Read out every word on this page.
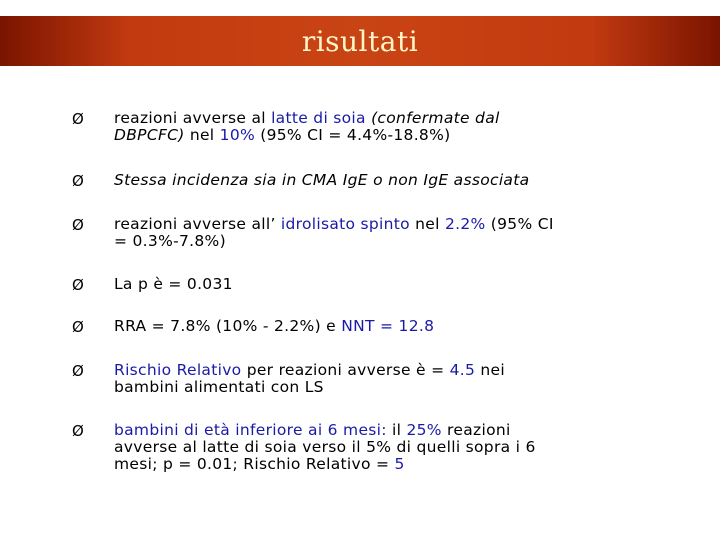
risultati
Ø	reazioni avverse al latte di soia (confermate dal
DBPCFC) nel 10% (95% CI = 4.4%-18.8%)
Ø	Stessa incidenza sia in CMA IgE o non IgE associata
Ø	reazioni avverse all’ idrolisato spinto nel 2.2% (95% CI
= 0.3%-7.8%)
Ø	La p è = 0.031
Ø	RRA = 7.8% (10% - 2.2%) e NNT = 12.8
Ø	Rischio Relativo per reazioni avverse è = 4.5 nei
bambini alimentati con LS
Ø	bambini di età inferiore ai 6 mesi: il 25% reazioni
avverse al latte di soia verso il 5% di quelli sopra i 6
mesi; p = 0.01; Rischio Relativo = 5
